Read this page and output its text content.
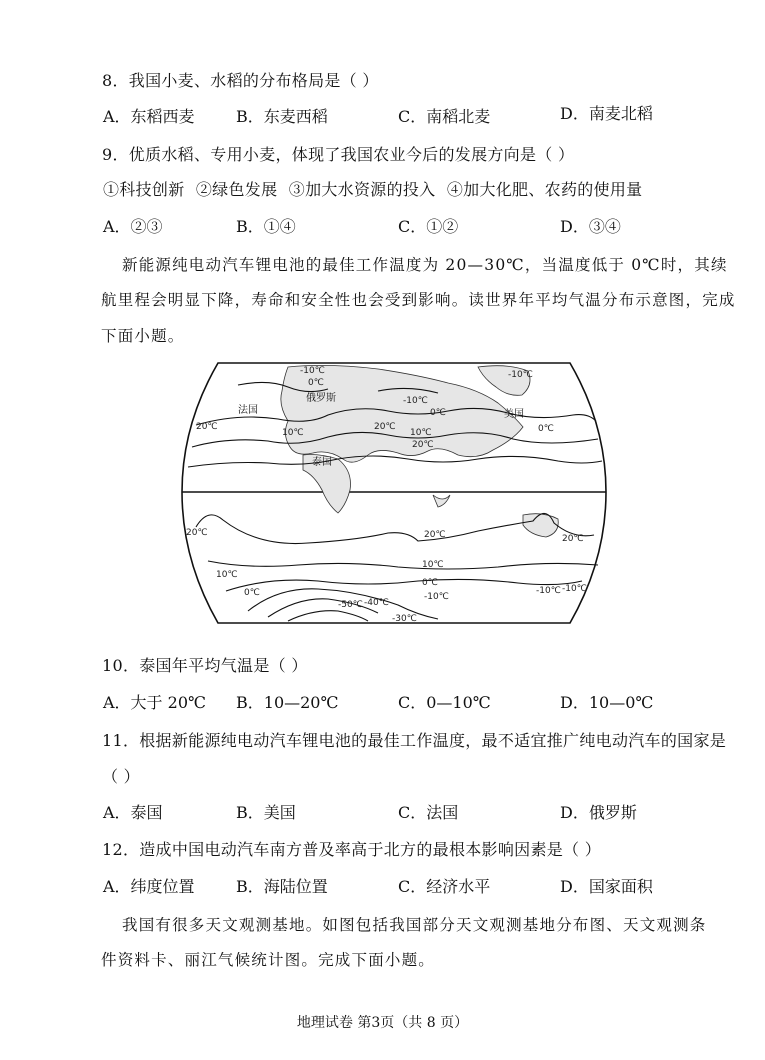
8．我国小麦、水稻的分布格局是（ ）
A．东稻西麦	B．东麦西稻	C．南稻北麦	D．南麦北稻
9．优质水稻、专用小麦，体现了我国农业今后的发展方向是（ ）
①科技创新 ②绿色发展 ③加大水资源的投入 ④加大化肥、农药的使用量
A．②③	B．①④	C．①②	D．③④
新能源纯电动汽车锂电池的最佳工作温度为 20—30℃，当温度低于 0℃时，其续
航里程会明显下降，寿命和安全性也会受到影响。读世界年平均气温分布示意图，完成
下面小题。
俄罗斯
法国	美国
泰国
-10℃
0℃
-10℃
0℃
10℃
20℃
10℃
20℃	0℃
-10℃
20℃
20℃	20℃	20℃
10℃
10℃
0℃
0℃
-10℃
-10℃
-30℃
-40℃
-50℃
-10℃
10．泰国年平均气温是（ ）
A．大于 20℃ B．10—20℃	C．0—10℃	D．10—0℃
11．根据新能源纯电动汽车锂电池的最佳工作温度，最不适宜推广纯电动汽车的国家是
（ ）
A．泰国	B．美国	C．法国	D．俄罗斯
12．造成中国电动汽车南方普及率高于北方的最根本影响因素是（ ）
A．纬度位置	B．海陆位置	C．经济水平	D．国家面积
我国有很多天文观测基地。如图包括我国部分天文观测基地分布图、天文观测条
件资料卡、丽江气候统计图。完成下面小题。
地理试卷 第3页（共 8 页）
